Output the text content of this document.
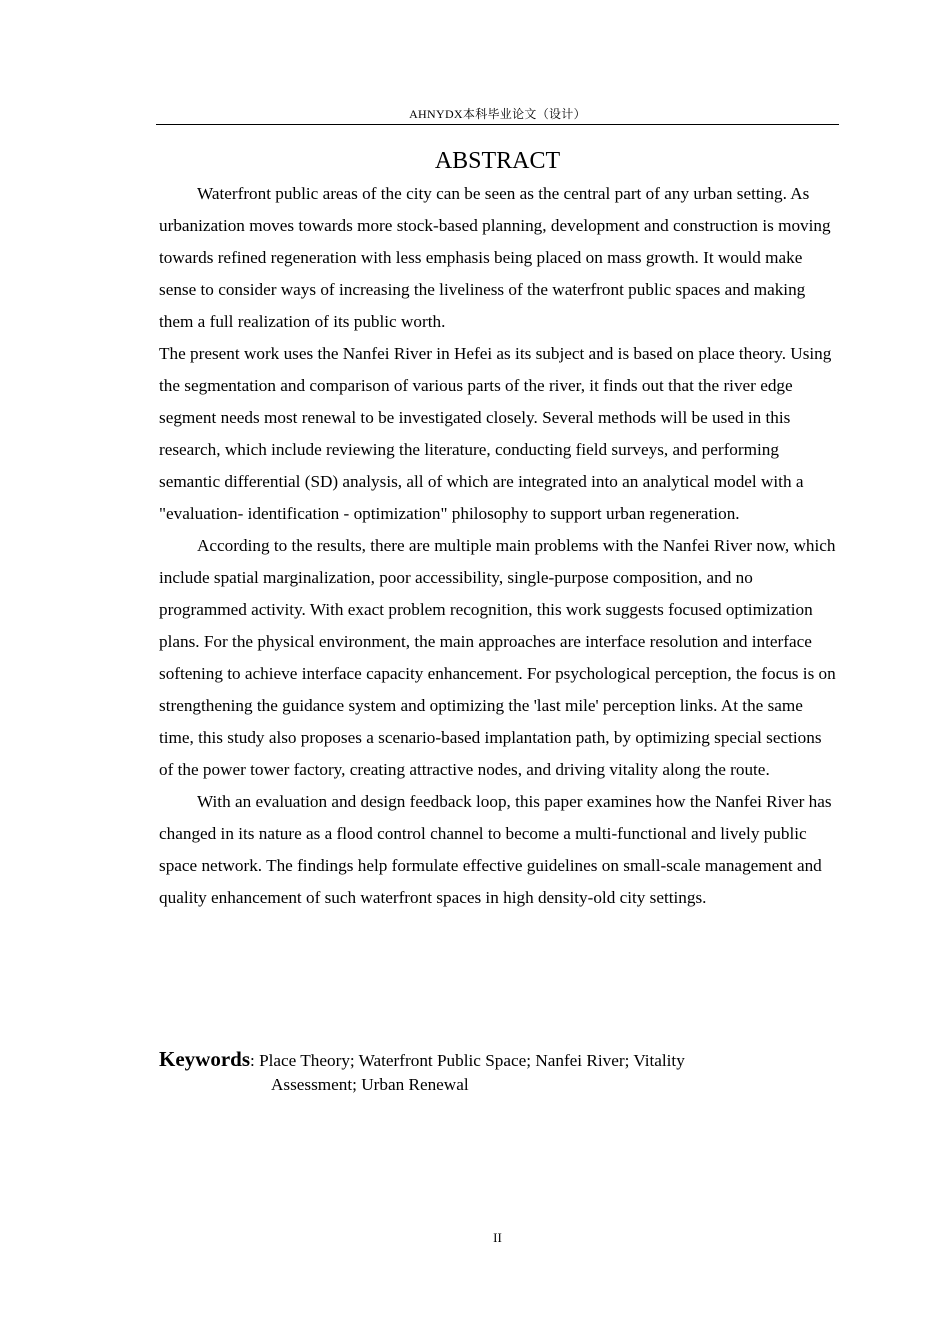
AHNYDX本科毕业论文（设计）
ABSTRACT

Waterfront public areas of the city can be seen as the central part of any urban setting. As urbanization moves towards more stock-based planning, development and construction is moving towards refined regeneration with less emphasis being placed on mass growth. It would make sense to consider ways of increasing the liveliness of the waterfront public spaces and making them a full realization of its public worth.

The present work uses the Nanfei River in Hefei as its subject and is based on place theory. Using the segmentation and comparison of various parts of the river, it finds out that the river edge segment needs most renewal to be investigated closely. Several methods will be used in this research, which include reviewing the literature, conducting field surveys, and performing semantic differential (SD) analysis, all of which are integrated into an analytical model with a "evaluation- identification - optimization" philosophy to support urban regeneration.

According to the results, there are multiple main problems with the Nanfei River now, which include spatial marginalization, poor accessibility, single-purpose composition, and no programmed activity. With exact problem recognition, this work suggests focused optimization plans. For the physical environment, the main approaches are interface resolution and interface softening to achieve interface capacity enhancement. For psychological perception, the focus is on strengthening the guidance system and optimizing the 'last mile' perception links. At the same time, this study also proposes a scenario-based implantation path, by optimizing special sections of the power tower factory, creating attractive nodes, and driving vitality along the route.

With an evaluation and design feedback loop, this paper examines how the Nanfei River has changed in its nature as a flood control channel to become a multi-functional and lively public space network. The findings help formulate effective guidelines on small-scale management and quality enhancement of such waterfront spaces in high density-old city settings.

Keywords: Place Theory; Waterfront Public Space; Nanfei River; Vitality
Assessment; Urban Renewal
II
